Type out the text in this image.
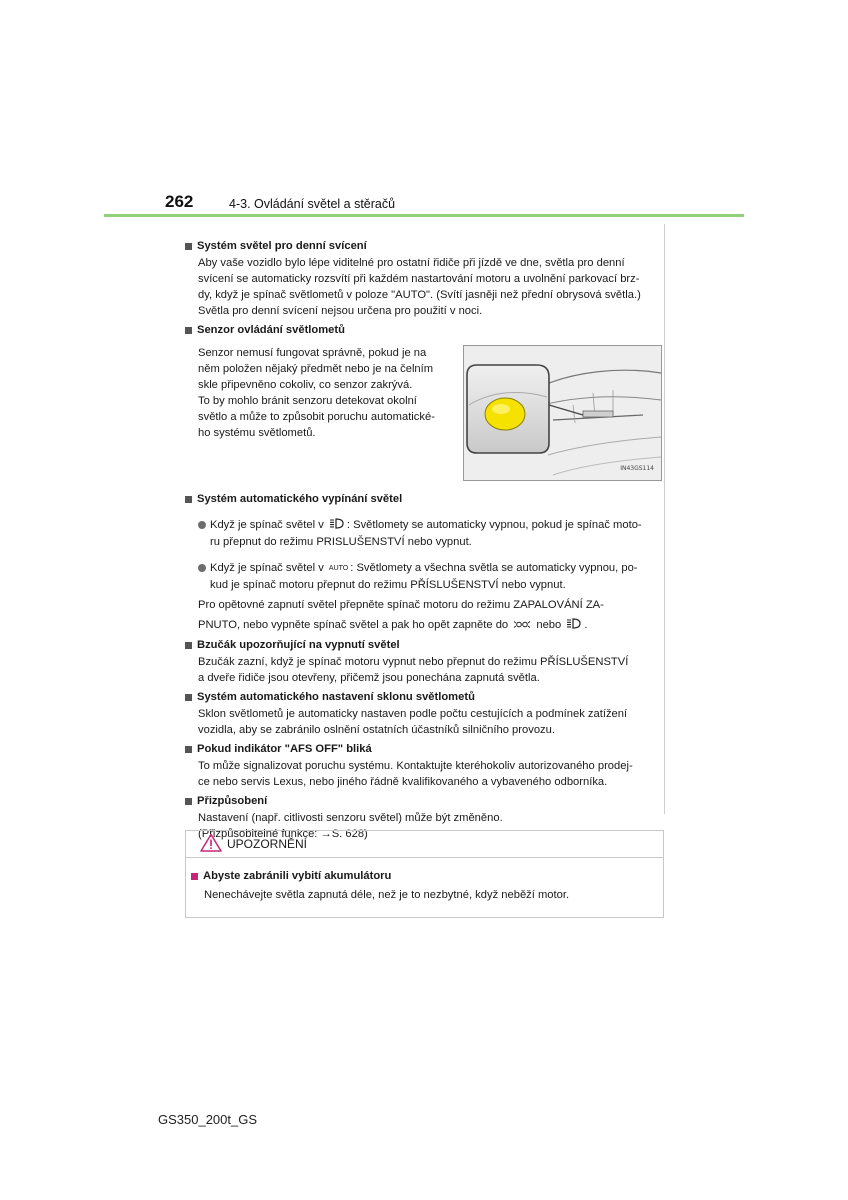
262	4-3. Ovládání světel a stěračů
Systém světel pro denní svícení

Aby vaše vozidlo bylo lépe viditelné pro ostatní řidiče při jízdě ve dne, světla pro denní

svícení se automaticky rozsvítí při každém nastartování motoru a uvolnění parkovací brz-

dy, když je spínač světlometů v poloze "AUTO". (Svítí jasněji než přední obrysová světla.)

Světla pro denní svícení nejsou určena pro použití v noci.

Senzor ovládání světlometů

Senzor nemusí fungovat správně, pokud je na

něm položen nějaký předmět nebo je na čelním

skle připevněno cokoliv, co senzor zakrývá.

To by mohlo bránit senzoru detekovat okolní

světlo a může to způsobit poruchu automatické-

ho systému světlometů.

IN43GS114
Systém automatického vypínání světel
Když je spínač světel v : Světlomety se automaticky vypnou, pokud je spínač moto-
ru přepnut do režimu PRISLUŠENSTVÍ nebo vypnut.
Když je spínač světel v AUTO : Světlomety a všechna světla se automaticky vypnou, po-
kud je spínač motoru přepnut do režimu PŘÍSLUŠENSTVÍ nebo vypnut.

Pro opětovné zapnutí světel přepněte spínač motoru do režimu ZAPALOVÁNÍ ZA-

PNUTO, nebo vypněte spínač světel a pak ho opět zapněte do	nebo .

Bzučák upozorňující na vypnutí světel

Bzučák zazní, když je spínač motoru vypnut nebo přepnut do režimu PŘÍSLUŠENSTVÍ

a dveře řidiče jsou otevřeny, přičemž jsou ponechána zapnutá světla.

Systém automatického nastavení sklonu světlometů

Sklon světlometů je automaticky nastaven podle počtu cestujících a podmínek zatížení

vozidla, aby se zabránilo oslnění ostatních účastníků silničního provozu.

Pokud indikátor "AFS OFF" bliká

To může signalizovat poruchu systému. Kontaktujte kteréhokoliv autorizovaného prodej-

ce nebo servis Lexus, nebo jiného řádně kvalifikovaného a vybaveného odborníka.

Přizpůsobení

Nastavení (např. citlivosti senzoru světel) může být změněno.

(Přizpůsobitelné funkce: →S. 628)

UPOZORNĚNÍ
Abyste zabránili vybití akumulátoru
Nenechávejte světla zapnutá déle, než je to nezbytné, když neběží motor.
GS350_200t_GS
